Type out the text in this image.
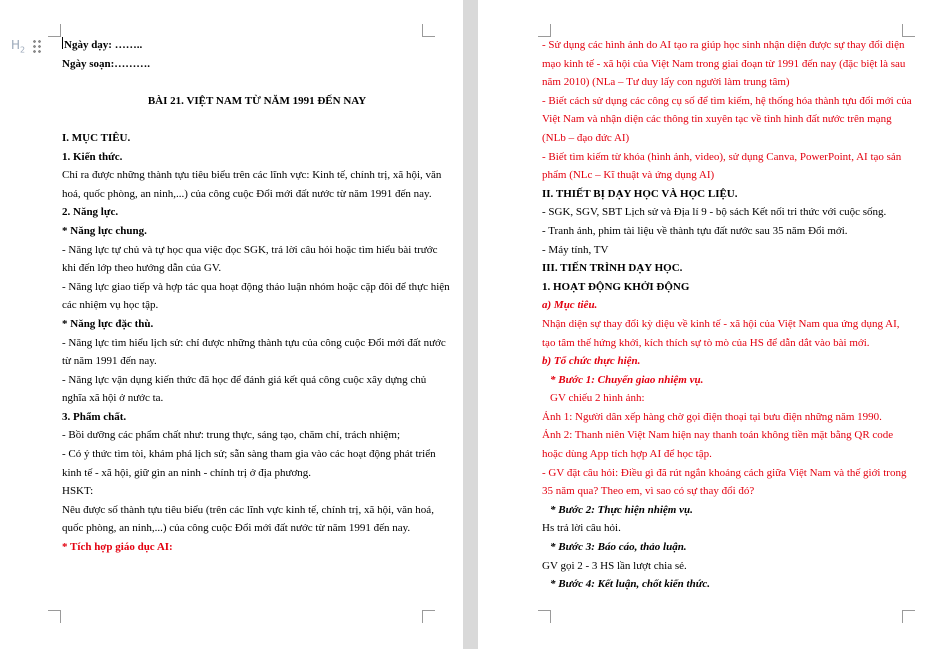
$H_2$	Ngày dạy: ……..
Ngày soạn:……….
BÀI 21. VIỆT NAM TỪ NĂM 1991 ĐẾN NAY
I. MỤC TIÊU.
1. Kiến thức.
Chỉ ra được những thành tựu tiêu biểu trên các lĩnh vực: Kinh tế, chính trị, xã hội, văn hoá, quốc phòng, an ninh,...) của công cuộc Đổi mới đất nước từ năm 1991 đến nay.
2. Năng lực.
* Năng lực chung.
- Năng lực tự chủ và tự học qua việc đọc SGK, trả lời câu hỏi hoặc tìm hiểu bài trước khi đến lớp theo hướng dẫn của GV.
- Năng lực giao tiếp và hợp tác qua hoạt động thảo luận nhóm hoặc cặp đôi để thực hiện các nhiệm vụ học tập.
* Năng lực đặc thù.
- Năng lực tìm hiểu lịch sử: chỉ được những thành tựu của công cuộc Đổi mới đất nước từ năm 1991 đến nay.
- Năng lực vận dụng kiến thức đã học để đánh giá kết quả công cuộc xây dựng chủ nghĩa xã hội ở nước ta.
3. Phẩm chất.
- Bồi dưỡng các phẩm chất như: trung thực, sáng tạo, chăm chỉ, trách nhiệm;
- Có ý thức tìm tòi, khám phá lịch sử; sẵn sàng tham gia vào các hoạt động phát triển kinh tế - xã hội, giữ gìn an ninh - chính trị ở địa phương.
HSKT:
Nêu được số thành tựu tiêu biểu (trên các lĩnh vực kinh tế, chính trị, xã hội, văn hoá, quốc phòng, an ninh,...) của công cuộc Đổi mới đất nước từ năm 1991 đến nay.
* Tích hợp giáo dục AI:
- Sử dụng các hình ảnh do AI tạo ra giúp học sinh nhận diện được sự thay đổi diện mạo kinh tế - xã hội của Việt Nam trong giai đoạn từ 1991 đến nay (đặc biệt là sau năm 2010) (NLa – Tư duy lấy con người làm trung tâm)
- Biết cách sử dụng các công cụ số để tìm kiếm, hệ thống hóa thành tựu đổi mới của Việt Nam và nhận diện các thông tin xuyên tạc về tình hình đất nước trên mạng (NLb – đạo đức AI)
- Biết tìm kiếm từ khóa (hình ảnh, video), sử dụng Canva, PowerPoint, AI tạo sản phẩm (NLc – Kĩ thuật và ứng dụng AI)
II. THIẾT BỊ DẠY HỌC VÀ HỌC LIỆU.
- SGK, SGV, SBT Lịch sử và Địa lí 9 - bộ sách Kết nối tri thức với cuộc sống.
- Tranh ảnh, phim tài liệu về thành tựu đất nước sau 35 năm Đổi mới.
- Máy tính, TV
III. TIẾN TRÌNH DẠY HỌC.
1. HOẠT ĐỘNG KHỞI ĐỘNG
a) Mục tiêu.
Nhận diện sự thay đổi kỳ diệu về kinh tế - xã hội của Việt Nam qua ứng dụng AI, tạo tâm thế hứng khởi, kích thích sự tò mò của HS để dẫn dắt vào bài mới.
b) Tổ chức thực hiện.
* Bước 1: Chuyển giao nhiệm vụ.
GV chiếu 2 hình ảnh:
Ảnh 1: Người dân xếp hàng chờ gọi điện thoại tại bưu điện những năm 1990.
Ảnh 2: Thanh niên Việt Nam hiện nay thanh toán không tiền mặt bằng QR code hoặc dùng App tích hợp AI để học tập.
- GV đặt câu hỏi: Điều gì đã rút ngắn khoảng cách giữa Việt Nam và thế giới trong 35 năm qua? Theo em, vì sao có sự thay đổi đó?
* Bước 2: Thực hiện nhiệm vụ.
Hs trả lời câu hỏi.
* Bước 3: Báo cáo, thảo luận.
GV gọi 2 - 3 HS lần lượt chia sẻ.
* Bước 4: Kết luận, chốt kiến thức.
